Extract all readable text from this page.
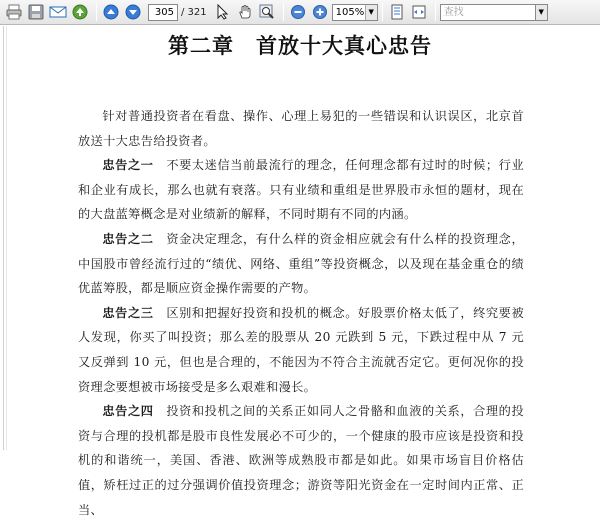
305 / 321	105% ▼	查找	▼
第二章　首放十大真心忠告

针对普通投资者在看盘、操作、心理上易犯的一些错误和认识误区，北京首放送十大忠告给投资者。

忠告之一　不要太迷信当前最流行的理念，任何理念都有过时的时候；行业和企业有成长，那么也就有衰落。只有业绩和重组是世界股市永恒的题材，现在的大盘蓝筹概念是对业绩新的解释，不同时期有不同的内涵。

忠告之二　资金决定理念，有什么样的资金相应就会有什么样的投资理念，中国股市曾经流行过的“绩优、网络、重组”等投资概念，以及现在基金重仓的绩优蓝筹股，都是顺应资金操作需要的产物。

忠告之三　区别和把握好投资和投机的概念。好股票价格太低了，终究要被人发现，你买了叫投资；那么差的股票从 20 元跌到 5 元，下跌过程中从 7 元又反弹到 10 元，但也是合理的，不能因为不符合主流就否定它。更何况你的投资理念要想被市场接受是多么艰难和漫长。

忠告之四　投资和投机之间的关系正如同人之骨骼和血液的关系，合理的投资与合理的投机都是股市良性发展必不可少的，一个健康的股市应该是投资和投机的和谐统一，美国、香港、欧洲等成熟股市都是如此。如果市场盲目价格估值，矫枉过正的过分强调价值投资理念；游资等阳光资金在一定时间内正常、正当、
